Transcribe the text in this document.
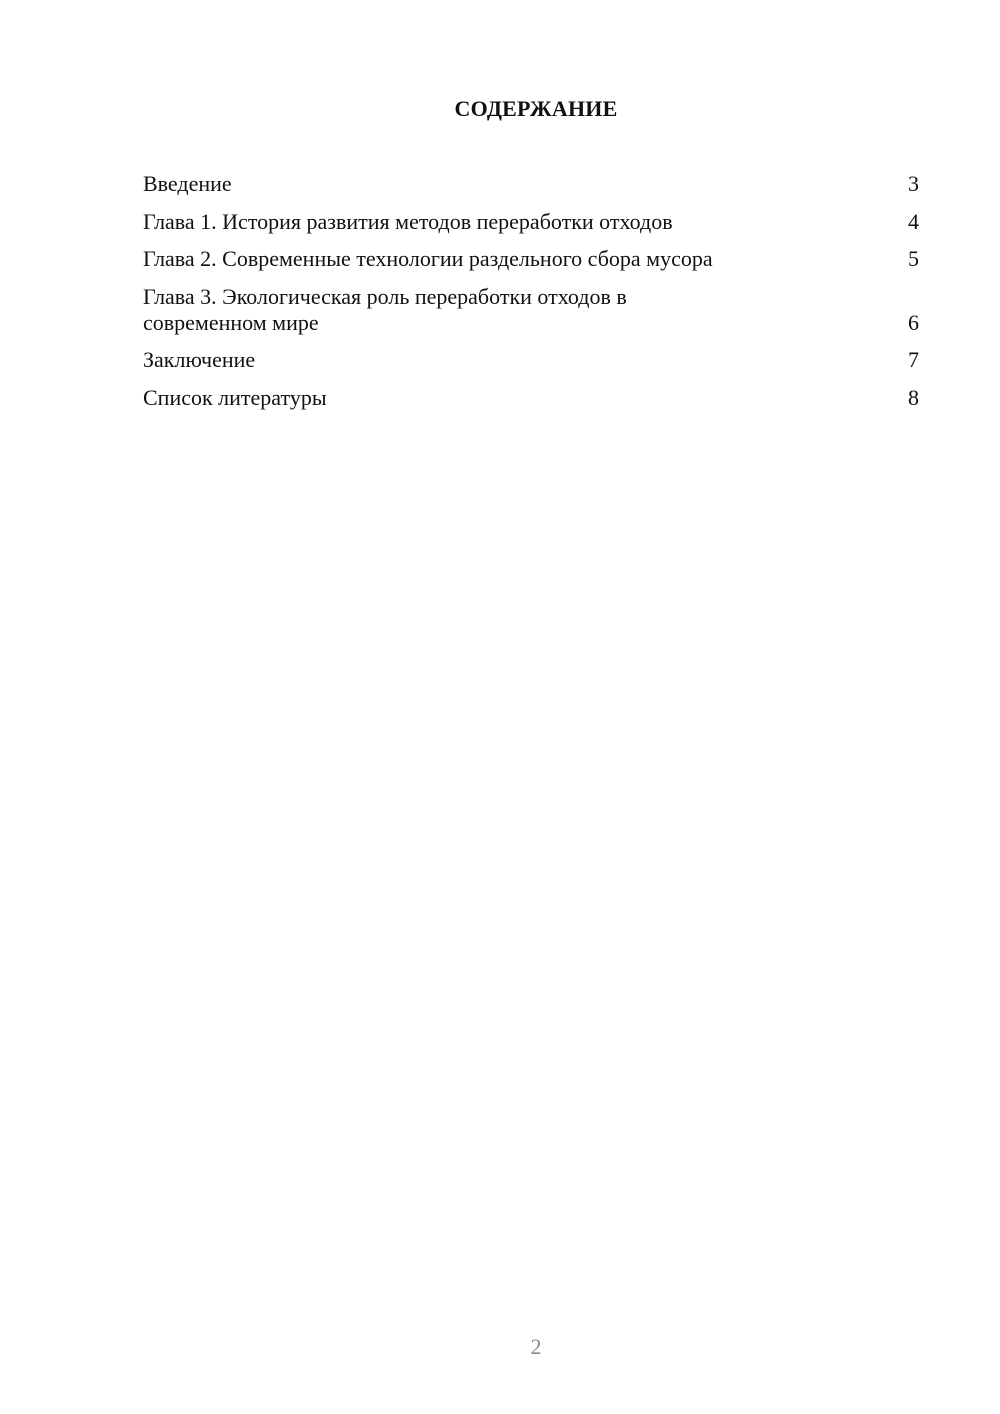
СОДЕРЖАНИЕ
Введение	3
Глава 1. История развития методов переработки отходов	4
Глава 2. Современные технологии раздельного сбора мусора	5
Глава 3. Экологическая роль переработки отходов в современном мире	6
Заключение	7
Список литературы	8
2
